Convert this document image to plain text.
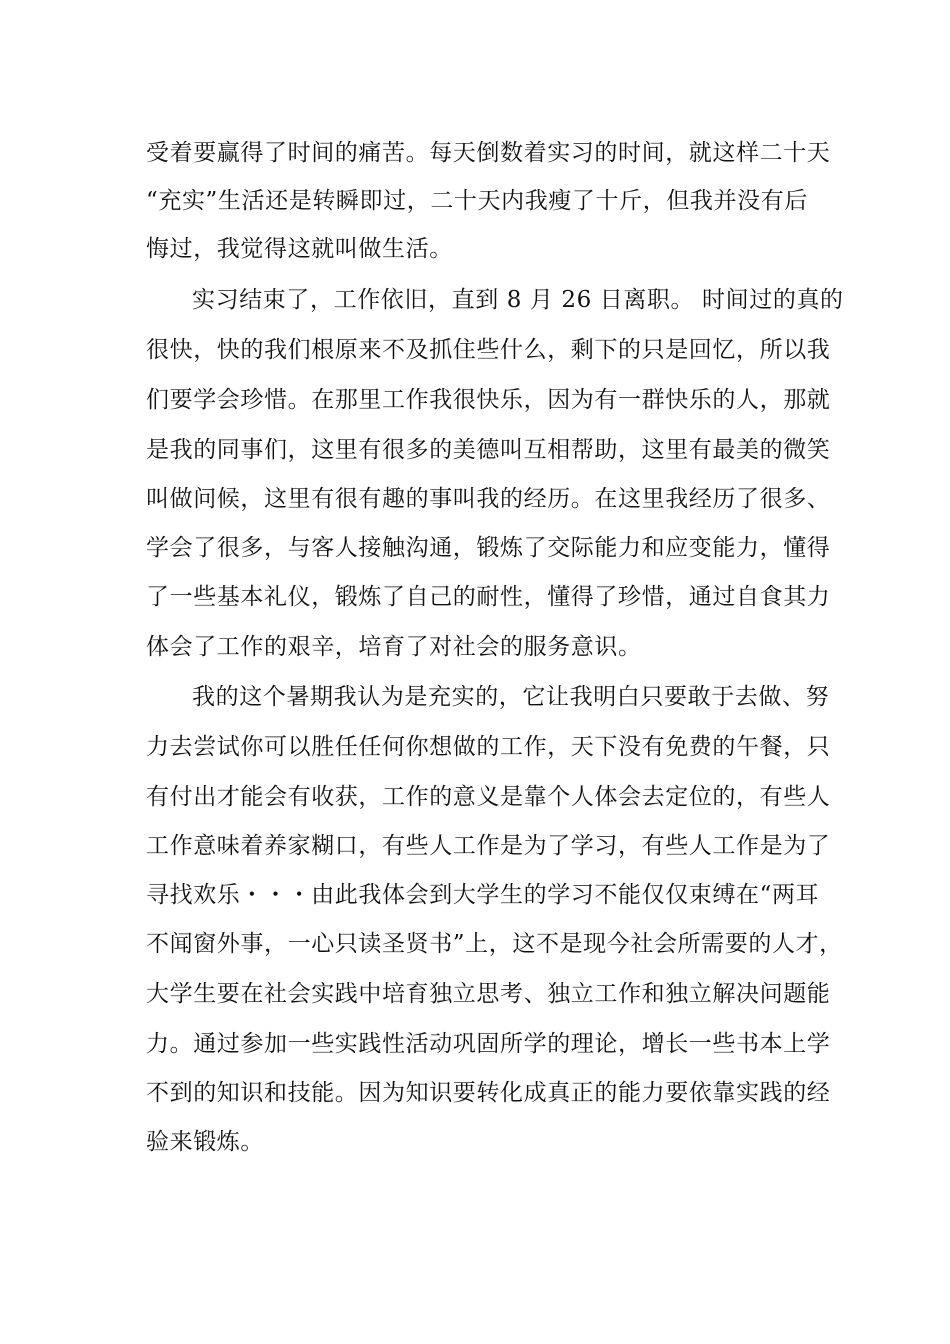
受着要赢得了时间的痛苦。每天倒数着实习的时间，就这样二十天
“充实”生活还是转瞬即过，二十天内我瘦了十斤，但我并没有后
悔过，我觉得这就叫做生活。
实习结束了，工作依旧，直到 8 月 26 日离职。 时间过的真的
很快，快的我们根原来不及抓住些什么，剩下的只是回忆，所以我
们要学会珍惜。在那里工作我很快乐，因为有一群快乐的人，那就
是我的同事们，这里有很多的美德叫互相帮助，这里有最美的微笑
叫做问候，这里有很有趣的事叫我的经历。在这里我经历了很多、
学会了很多，与客人接触沟通，锻炼了交际能力和应变能力，懂得
了一些基本礼仪，锻炼了自己的耐性，懂得了珍惜，通过自食其力
体会了工作的艰辛，培育了对社会的服务意识。
我的这个暑期我认为是充实的，它让我明白只要敢于去做、努
力去尝试你可以胜任任何你想做的工作，天下没有免费的午餐，只
有付出才能会有收获，工作的意义是靠个人体会去定位的，有些人
工作意味着养家糊口，有些人工作是为了学习，有些人工作是为了
寻找欢乐・・・由此我体会到大学生的学习不能仅仅束缚在“两耳
不闻窗外事，一心只读圣贤书”上，这不是现今社会所需要的人才，
大学生要在社会实践中培育独立思考、独立工作和独立解决问题能
力。通过参加一些实践性活动巩固所学的理论，增长一些书本上学
不到的知识和技能。因为知识要转化成真正的能力要依靠实践的经
验来锻炼。
